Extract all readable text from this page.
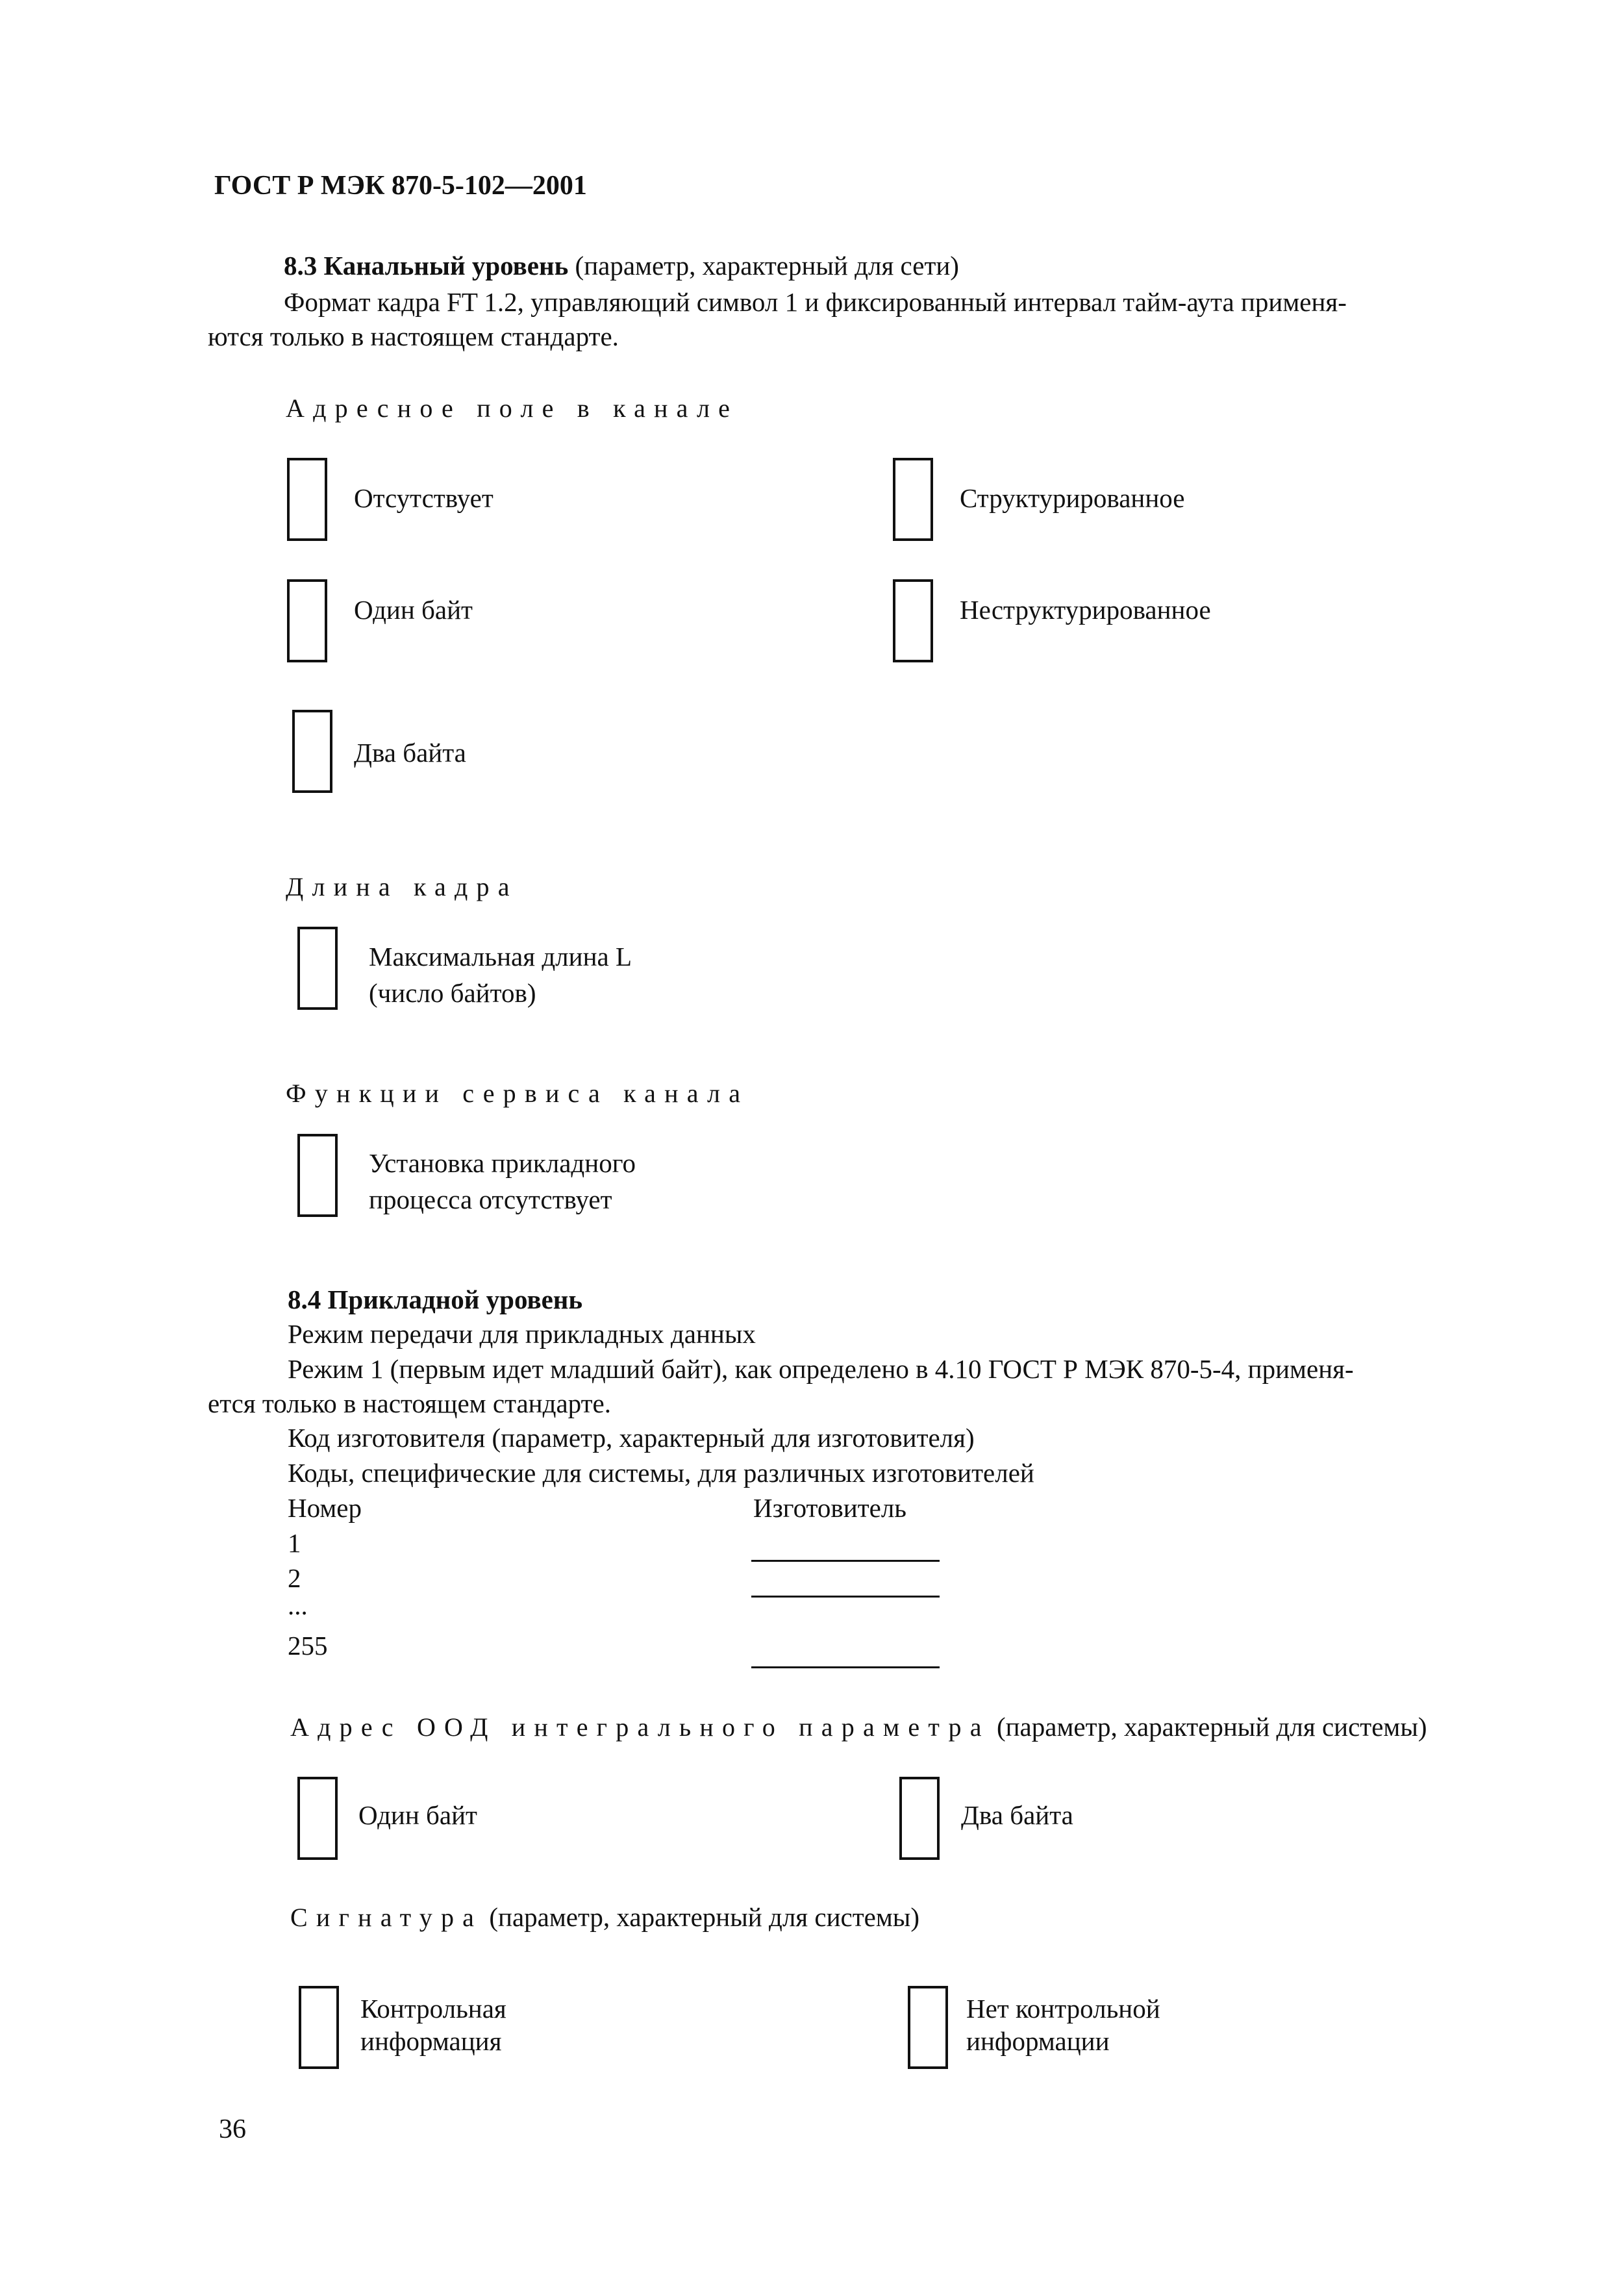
ГОСТ Р МЭК 870-5-102—2001
8.3 Канальный уровень (параметр, характерный для сети)
Формат кадра FT 1.2, управляющий символ 1 и фиксированный интервал тайм-аута применя-
ются только в настоящем стандарте.
Адресное поле в канале
Отсутствует	Структурированное
Один байт	Неструктурированное
Два байта
Длина кадра
Максимальная длина L
(число байтов)
Функции сервиса канала
Установка прикладного
процесса отсутствует
8.4 Прикладной уровень
Режим передачи для прикладных данных
Режим 1 (первым идет младший байт), как определено в 4.10 ГОСТ Р МЭК 870-5-4, применя-
ется только в настоящем стандарте.
Код изготовителя (параметр, характерный для изготовителя)
Коды, специфические для системы, для различных изготовителей
Номер	Изготовитель
1
2
...
255
Адрес ООД интегрального параметра (параметр, характерный для системы)
Один байт	Два байта
Сигнатура (параметр, характерный для системы)
Контрольная
информация
Нет контрольной
информации
36
